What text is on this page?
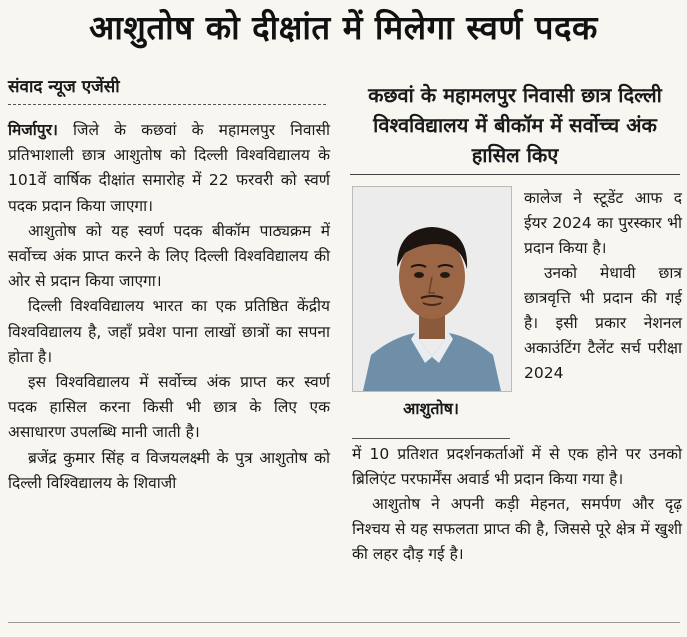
आशुतोष को दीक्षांत में मिलेगा स्वर्ण पदक
संवाद न्यूज एजेंसी

मिर्जापुर। जिले के कछवां के महामलपुर निवासी प्रतिभाशाली छात्र आशुतोष को दिल्ली विश्वविद्यालय के 101वें वार्षिक दीक्षांत समारोह में 22 फरवरी को स्वर्ण पदक प्रदान किया जाएगा।

आशुतोष को यह स्वर्ण पदक बीकॉम पाठ्यक्रम में सर्वोच्च अंक प्राप्त करने के लिए दिल्ली विश्वविद्यालय की ओर से प्रदान किया जाएगा।

दिल्ली विश्वविद्यालय भारत का एक प्रतिष्ठित केंद्रीय विश्वविद्यालय है, जहाँ प्रवेश पाना लाखों छात्रों का सपना होता है।

इस विश्वविद्यालय में सर्वोच्च अंक प्राप्त कर स्वर्ण पदक हासिल करना किसी भी छात्र के लिए एक असाधारण उपलब्धि मानी जाती है।

ब्रजेंद्र कुमार सिंह व विजयलक्ष्मी के पुत्र आशुतोष को दिल्ली विश्विद्यालय के शिवाजी

कछवां के महामलपुर निवासी छात्र दिल्ली विश्वविद्यालय में बीकॉम में सर्वोच्च अंक हासिल किए
आशुतोष।

कालेज ने स्टूडेंट आफ द ईयर 2024 का पुरस्कार भी प्रदान किया है।

उनको मेधावी छात्र छात्रवृत्ति भी प्रदान की गई है। इसी प्रकार नेशनल अकाउंटिंग टैलेंट सर्च परीक्षा 2024

में 10 प्रतिशत प्रदर्शनकर्ताओं में से एक होने पर उनको ब्रिलिएंट परफार्मेंस अवार्ड भी प्रदान किया गया है।

आशुतोष ने अपनी कड़ी मेहनत, समर्पण और दृढ़ निश्चय से यह सफलता प्राप्त की है, जिससे पूरे क्षेत्र में खुशी की लहर दौड़ गई है।
